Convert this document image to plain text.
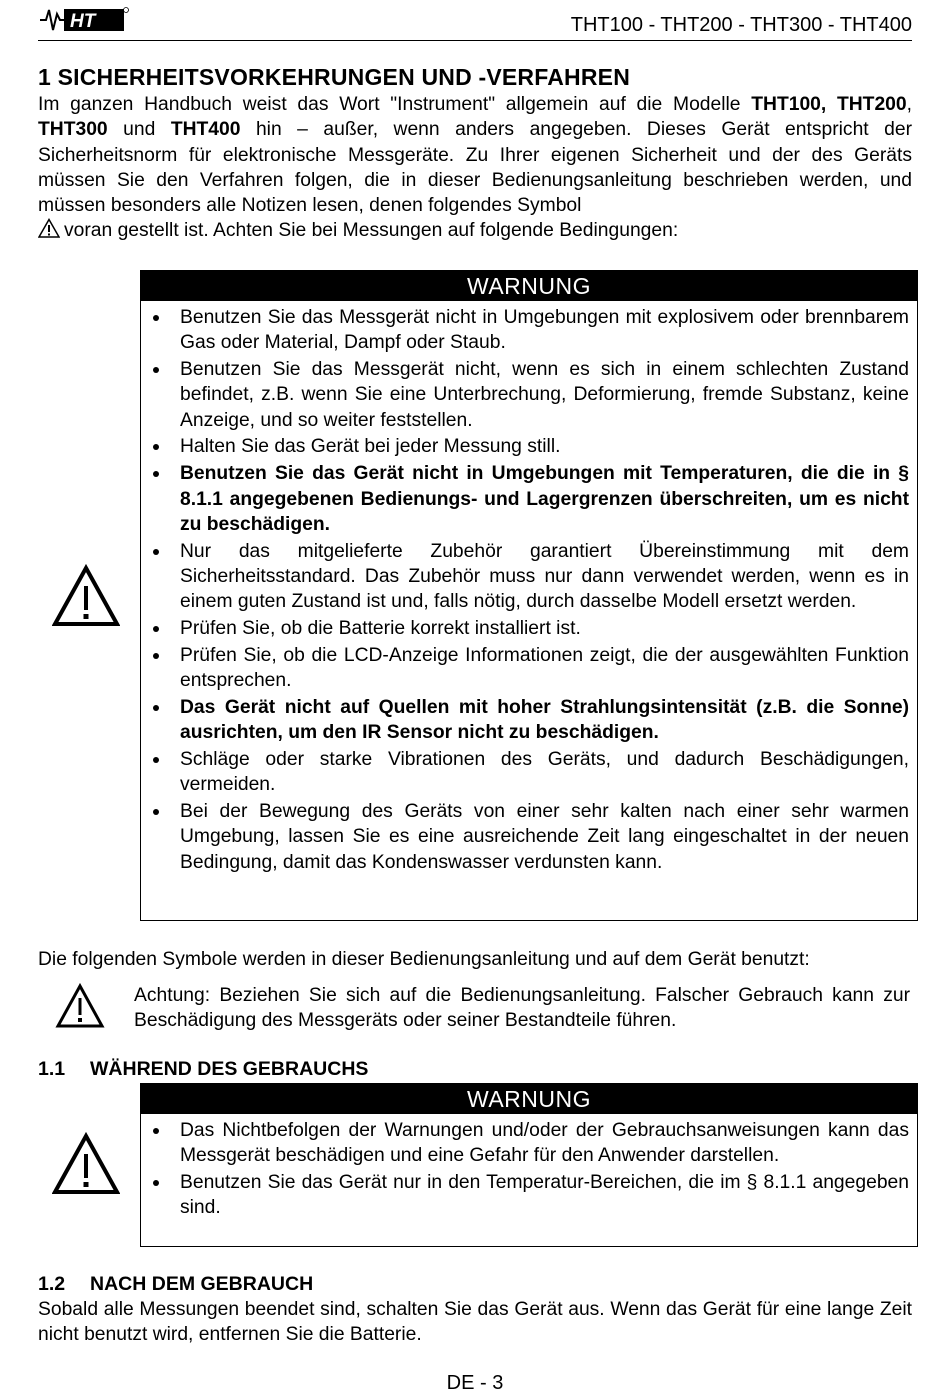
HT	THT100 - THT200 - THT300 - THT400
1 SICHERHEITSVORKEHRUNGEN UND -VERFAHREN
Im ganzen Handbuch weist das Wort "Instrument" allgemein auf die Modelle THT100, THT200, THT300 und THT400 hin – außer, wenn anders angegeben. Dieses Gerät entspricht der Sicherheitsnorm für elektronische Messgeräte. Zu Ihrer eigenen Sicherheit und der des Geräts müssen Sie den Verfahren folgen, die in dieser Bedienungsanleitung beschrieben werden, und müssen besonders alle Notizen lesen, denen folgendes Symbol
voran gestellt ist. Achten Sie bei Messungen auf folgende Bedingungen:
WARNUNG
Benutzen Sie das Messgerät nicht in Umgebungen mit explosivem oder brennbarem Gas oder Material, Dampf oder Staub.
Benutzen Sie das Messgerät nicht, wenn es sich in einem schlechten Zustand befindet, z.B. wenn Sie eine Unterbrechung, Deformierung, fremde Substanz, keine Anzeige, und so weiter feststellen.
Halten Sie das Gerät bei jeder Messung still.
Benutzen Sie das Gerät nicht in Umgebungen mit Temperaturen, die die in § 8.1.1 angegebenen Bedienungs- und Lagergrenzen überschreiten, um es nicht zu beschädigen.
Nur das mitgelieferte Zubehör garantiert Übereinstimmung mit dem Sicherheitsstandard. Das Zubehör muss nur dann verwendet werden, wenn es in einem guten Zustand ist und, falls nötig, durch dasselbe Modell ersetzt werden.
Prüfen Sie, ob die Batterie korrekt installiert ist.
Prüfen Sie, ob die LCD-Anzeige Informationen zeigt, die der ausgewählten Funktion entsprechen.
Das Gerät nicht auf Quellen mit hoher Strahlungsintensität (z.B. die Sonne) ausrichten, um den IR Sensor nicht zu beschädigen.
Schläge oder starke Vibrationen des Geräts, und dadurch Beschädigungen, vermeiden.
Bei der Bewegung des Geräts von einer sehr kalten nach einer sehr warmen Umgebung, lassen Sie es eine ausreichende Zeit lang eingeschaltet in der neuen Bedingung, damit das Kondenswasser verdunsten kann.
Die folgenden Symbole werden in dieser Bedienungsanleitung und auf dem Gerät benutzt:
Achtung: Beziehen Sie sich auf die Bedienungsanleitung. Falscher Gebrauch kann zur Beschädigung des Messgeräts oder seiner Bestandteile führen.
1.1 WÄHREND DES GEBRAUCHS
WARNUNG
Das Nichtbefolgen der Warnungen und/oder der Gebrauchsanweisungen kann das Messgerät beschädigen und eine Gefahr für den Anwender darstellen.
Benutzen Sie das Gerät nur in den Temperatur-Bereichen, die im § 8.1.1 angegeben sind.
1.2 NACH DEM GEBRAUCH
Sobald alle Messungen beendet sind, schalten Sie das Gerät aus. Wenn das Gerät für eine lange Zeit nicht benutzt wird, entfernen Sie die Batterie.
DE - 3
